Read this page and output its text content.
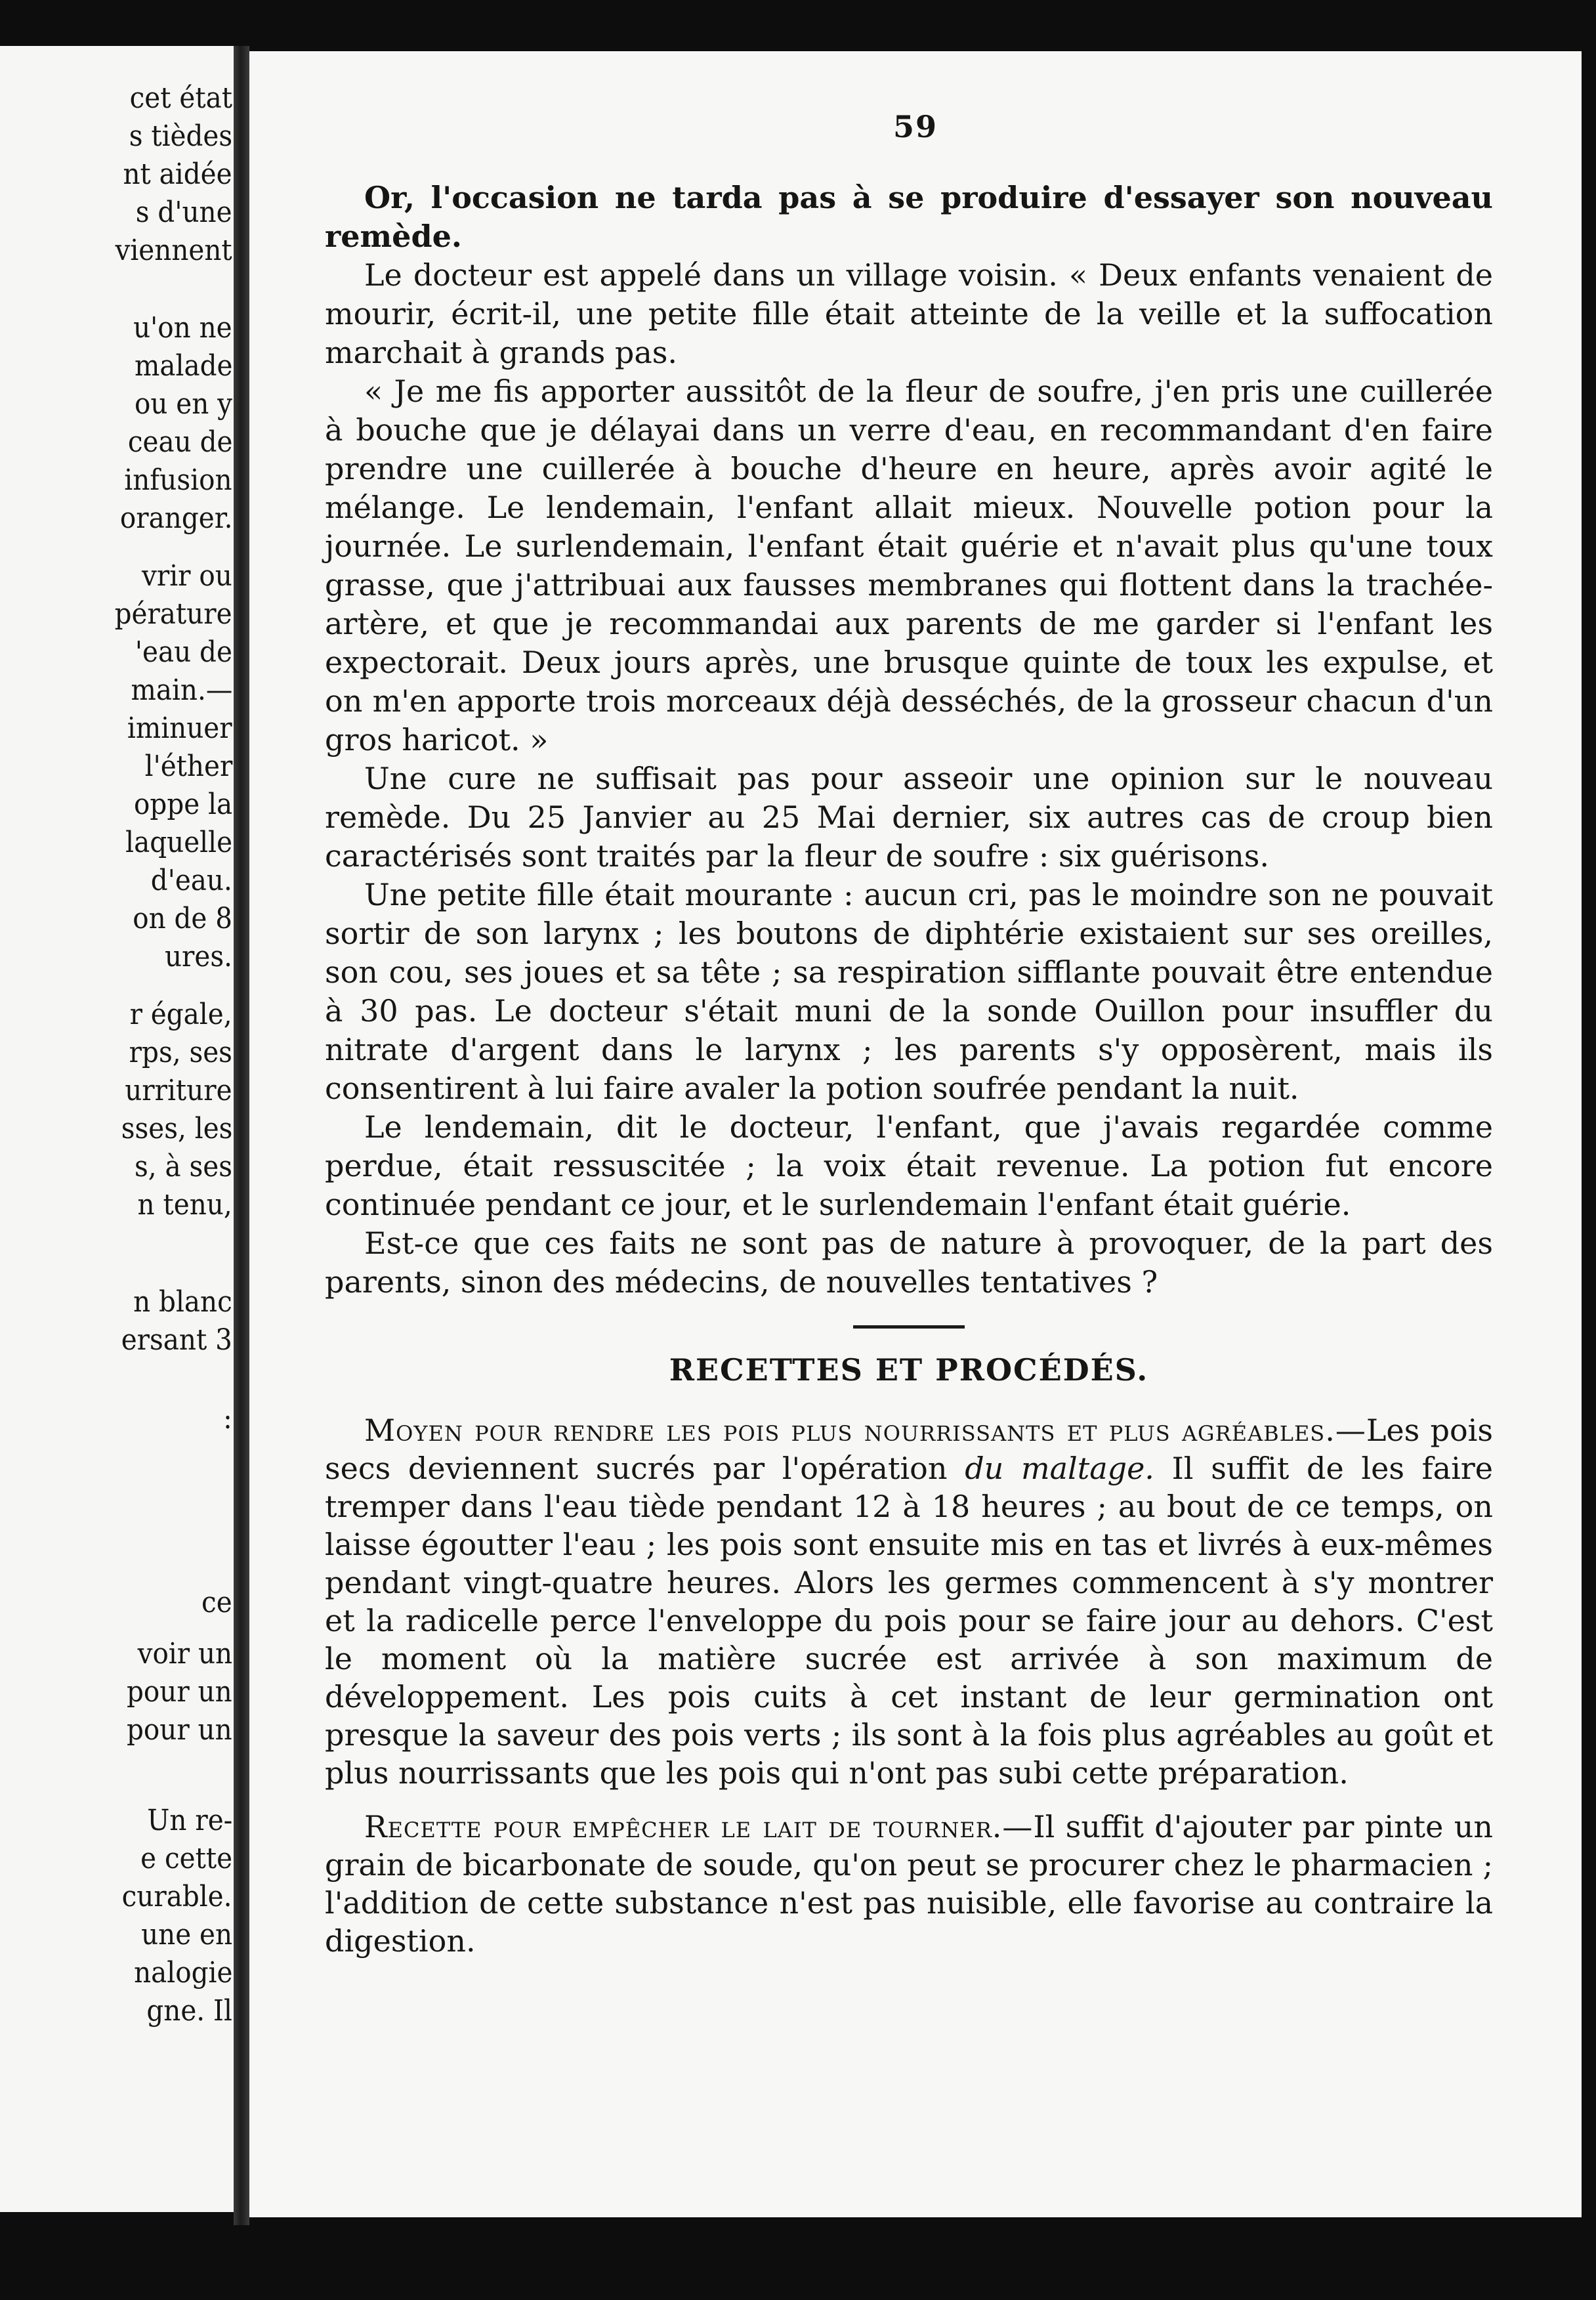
cet état
s tièdes
nt aidée
s d'une
viennent
u'on ne
malade
ou en y
ceau de
infusion
oranger.
vrir ou
pérature
'eau de
main.—
iminuer
l'éther
oppe la
laquelle
d'eau.
on de 8
ures.
r égale,
rps, ses
urriture
sses, les
s, à ses
n tenu,
n blanc
ersant 3
:
ce
voir un
pour un
pour un
Un re-
e cette
curable.
une en
nalogie
gne. Il
59

Or, l'occasion ne tarda pas à se produire d'essayer son nouveau remède.

Le docteur est appelé dans un village voisin. « Deux enfants venaient de mourir, écrit-il, une petite fille était atteinte de la veille et la suffocation marchait à grands pas.

« Je me fis apporter aussitôt de la fleur de soufre, j'en pris une cuillerée à bouche que je délayai dans un verre d'eau, en recommandant d'en faire prendre une cuillerée à bouche d'heure en heure, après avoir agité le mélange. Le lendemain, l'enfant allait mieux. Nouvelle potion pour la journée. Le surlendemain, l'enfant était guérie et n'avait plus qu'une toux grasse, que j'attribuai aux fausses membranes qui flottent dans la trachée-artère, et que je recommandai aux parents de me garder si l'enfant les expectorait. Deux jours après, une brusque quinte de toux les expulse, et on m'en apporte trois morceaux déjà desséchés, de la grosseur chacun d'un gros haricot. »

Une cure ne suffisait pas pour asseoir une opinion sur le nouveau remède. Du 25 Janvier au 25 Mai dernier, six autres cas de croup bien caractérisés sont traités par la fleur de soufre : six guérisons.

Une petite fille était mourante : aucun cri, pas le moindre son ne pouvait sortir de son larynx ; les boutons de diphtérie existaient sur ses oreilles, son cou, ses joues et sa tête ; sa respiration sifflante pouvait être entendue à 30 pas. Le docteur s'était muni de la sonde Ouillon pour insuffler du nitrate d'argent dans le larynx ; les parents s'y opposèrent, mais ils consentirent à lui faire avaler la potion soufrée pendant la nuit.

Le lendemain, dit le docteur, l'enfant, que j'avais regardée comme perdue, était ressuscitée ; la voix était revenue. La potion fut encore continuée pendant ce jour, et le surlendemain l'enfant était guérie.

Est-ce que ces faits ne sont pas de nature à provoquer, de la part des parents, sinon des médecins, de nouvelles tentatives ?

RECETTES ET PROCÉDÉS.

Moyen pour rendre les pois plus nourrissants et plus agréables.—Les pois secs deviennent sucrés par l'opération du maltage. Il suffit de les faire tremper dans l'eau tiède pendant 12 à 18 heures ; au bout de ce temps, on laisse égoutter l'eau ; les pois sont ensuite mis en tas et livrés à eux-mêmes pendant vingt-quatre heures. Alors les germes commencent à s'y montrer et la radicelle perce l'enveloppe du pois pour se faire jour au dehors. C'est le moment où la matière sucrée est arrivée à son maximum de développement. Les pois cuits à cet instant de leur germination ont presque la saveur des pois verts ; ils sont à la fois plus agréables au goût et plus nourrissants que les pois qui n'ont pas subi cette préparation.

Recette pour empêcher le lait de tourner.—Il suffit d'ajouter par pinte un grain de bicarbonate de soude, qu'on peut se procurer chez le pharmacien ; l'addition de cette substance n'est pas nuisible, elle favorise au contraire la digestion.
